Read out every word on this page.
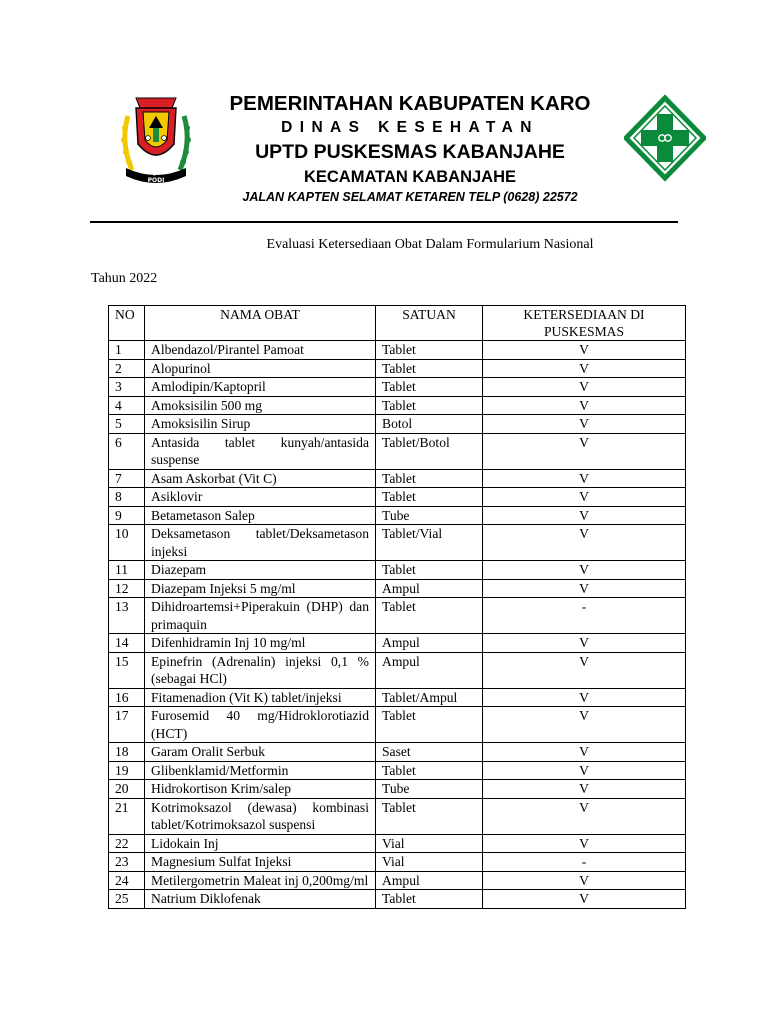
PIJER PODI
PEMERINTAHAN KABUPATEN KARO
DINAS KESEHATAN
UPTD PUSKESMAS KABANJAHE
KECAMATAN KABANJAHE
JALAN KAPTEN SELAMAT KETAREN TELP (0628) 22572
Evaluasi Ketersediaan Obat Dalam Formularium Nasional
Tahun 2022
NO	NAMA OBAT	SATUAN	KETERSEDIAAN DI PUSKESMAS
1	Albendazol/Pirantel Pamoat	Tablet	V
2	Alopurinol	Tablet	V
3	Amlodipin/Kaptopril	Tablet	V
4	Amoksisilin 500 mg	Tablet	V
5	Amoksisilin Sirup	Botol	V
6	Antasida tablet kunyah/antasida suspense	Tablet/Botol	V
7	Asam Askorbat (Vit C)	Tablet	V
8	Asiklovir	Tablet	V
9	Betametason Salep	Tube	V
10	Deksametason tablet/Deksametason injeksi	Tablet/Vial	V
11	Diazepam	Tablet	V
12	Diazepam Injeksi 5 mg/ml	Ampul	V
13	Dihidroartemsi+Piperakuin (DHP) dan primaquin	Tablet	-
14	Difenhidramin Inj 10 mg/ml	Ampul	V
15	Epinefrin (Adrenalin) injeksi 0,1 % (sebagai HCl)	Ampul	V
16	Fitamenadion (Vit K) tablet/injeksi	Tablet/Ampul	V
17	Furosemid 40 mg/Hidroklorotiazid (HCT)	Tablet	V
18	Garam Oralit Serbuk	Saset	V
19	Glibenklamid/Metformin	Tablet	V
20	Hidrokortison Krim/salep	Tube	V
21	Kotrimoksazol (dewasa) kombinasi tablet/Kotrimoksazol suspensi	Tablet	V
22	Lidokain Inj	Vial	V
23	Magnesium Sulfat Injeksi	Vial	-
24	Metilergometrin Maleat inj 0,200mg/ml	Ampul	V
25	Natrium Diklofenak	Tablet	V
